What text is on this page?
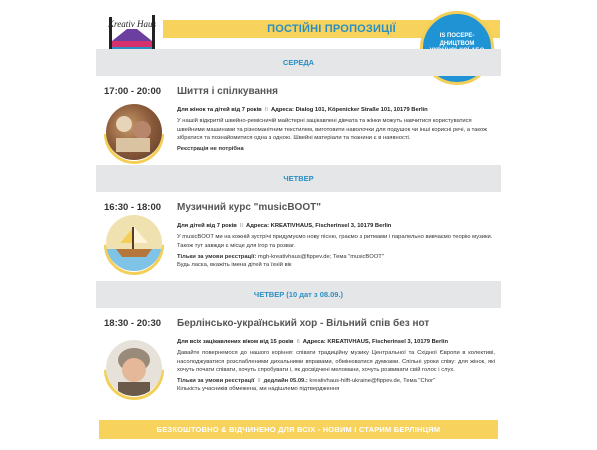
Kreativ Haus	ПОСТІЙНІ ПРОПОЗИЦІЇ
IS ПОСЕРЕ-ДНИЦТВОМ
СЕРЕДА
17:00 - 20:00 Шиття і спілкування
Для жінок та дітей від 7 років II Адреса: Dialog 101, Köpenicker Straße 101, 10179 Berlin

У нашій відкритій швейно-ремісничій майстерні зацікавлені дівчата та жінки можуть навчитися користуватися швейними машинами та різноманітним текстилем, виготовити наволочки для подушок чи інші корисні речі, а також зібратися та познайомитися одна з одною. Швейні матеріали та тканини є в наявності.

Реєстрація не потрібна

ЧЕТВЕР
16:30 - 18:00 Музичний курс "musicBOOT"
Для дітей від 7 років II Адреса: KREATIVHAUS, Fischerinsel 3, 10179 Berlin

У musicBOOT ми на кожній зустрічі придумуємо нову пісню, граємо з ритмами і паралельно вивчаємо теорію музики. Також тут завжди є місце для ігор та розваг.

Тільки за умови реєстрації: mgh-kreativhaus@fippev.de; Тема "musicBOOT"

Будь ласка, вкажіть імена дітей та їхній вік

ЧЕТВЕР (10 дат з 08.09.)
18:30 - 20:30 Берлінсько-український хор - Вільний спів без нот
Для всіх зацікавлених віком від 15 років II Адреса: KREATIVHAUS, Fischerinsel 3, 10179 Berlin

Давайте повернемося до нашого коріння: співати традиційну музику Центральної та Східної Європи в колективі, насолоджуватися розслабленими дихальними вправами, обмінюватися думками. Спільні уроки співу: для жінок, які хочуть почати співати, хочуть спробувати і, як досвідчені меломани, хочуть розвивати свій голос і слух.

Тільки за умови реєстрації II дедлайн 05.09.: kreativhaus-hilft-ukraine@fippev.de, Тема "Chor"

Кількість учасників обмежена, ми надішлемо підтвердження

БЕЗКОШТОВНО & ВІДЧИНЕНО ДЛЯ ВСІХ - НОВИМ І СТАРИМ БЕРЛІНЦЯМ
